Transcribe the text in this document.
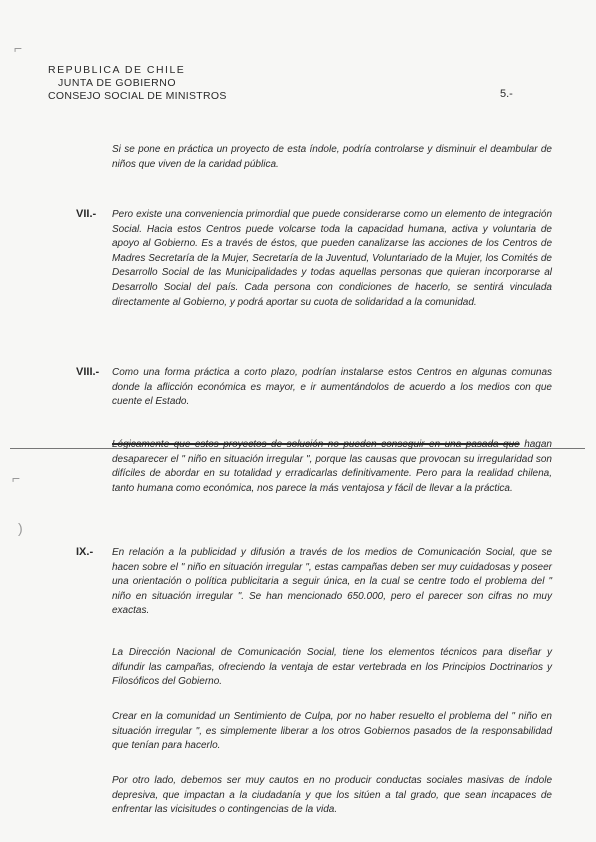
REPUBLICA DE CHILE
JUNTA DE GOBIERNO
CONSEJO SOCIAL DE MINISTROS	5.-

Si se pone en práctica un proyecto de esta índole, podría controlarse y disminuir el deambular de niños que viven de la caridad pública.

VII.- Pero existe una conveniencia primordial que puede considerarse como un elemento de integración Social. Hacia estos Centros puede volcarse toda la capacidad humana, activa y voluntaria de apoyo al Gobierno. Es a través de éstos, que pueden canalizarse las acciones de los Centros de Madres Secretaría de la Mujer, Secretaría de la Juventud, Voluntariado de la Mujer, los Comités de Desarrollo Social de las Municipalidades y todas aquellas personas que quieran incorporarse al Desarrollo Social del país. Cada persona con condiciones de hacerlo, se sentirá vinculada directamente al Gobierno, y podrá aportar su cuota de solidaridad a la comunidad.

VIII.- Como una forma práctica a corto plazo, podrían instalarse estos Centros en algunas comunas donde la aflicción económica es mayor, e ir aumentándolos de acuerdo a los medios con que cuente el Estado.

Lógicamente que estos proyectos de solución no pueden conseguir en una pasada que hagan desaparecer el " niño en situación irregular ", porque las causas que provocan su irregularidad son difíciles de abordar en su totalidad y erradicarlas definitivamente. Pero para la realidad chilena, tanto humana como económica, nos parece la más ventajosa y fácil de llevar a la práctica.

IX.- En relación a la publicidad y difusión a través de los medios de Comunicación Social, que se hacen sobre el " niño en situación irregular ", estas campañas deben ser muy cuidadosas y poseer una orientación o política publicitaria a seguir única, en la cual se centre todo el problema del " niño en situación irregular ". Se han mencionado 650.000, pero el parecer son cifras no muy exactas.

La Dirección Nacional de Comunicación Social, tiene los elementos técnicos para diseñar y difundir las campañas, ofreciendo la ventaja de estar vertebrada en los Principios Doctrinarios y Filosóficos del Gobierno.

Crear en la comunidad un Sentimiento de Culpa, por no haber resuelto el problema del " niño en situación irregular ", es simplemente liberar a los otros Gobiernos pasados de la responsabilidad que tenían para hacerlo.

Por otro lado, debemos ser muy cautos en no producir conductas sociales masivas de índole depresiva, que impactan a la ciudadanía y que los sitúen a tal grado, que sean incapaces de enfrentar las vicisitudes o contingencias de la vida.

⌐
⌐
)
